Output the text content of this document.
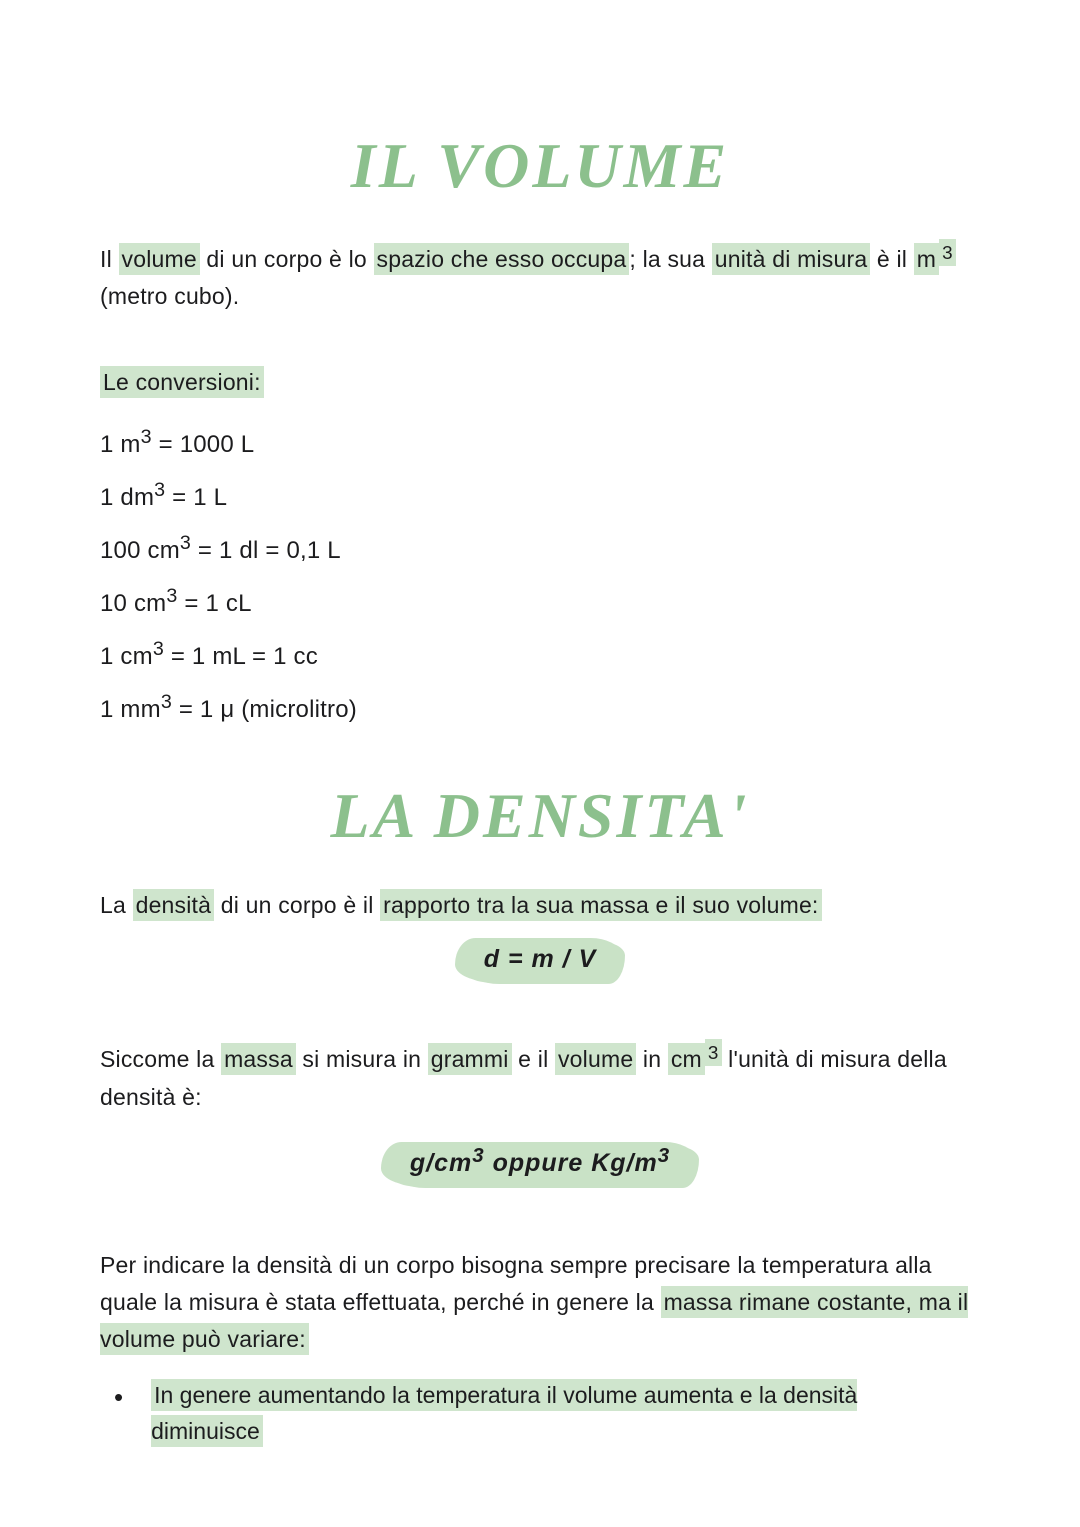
IL VOLUME

Il volume di un corpo è lo spazio che esso occupa ; la sua unità di misura è il m $^3$ (metro cubo).

Le conversioni:

1 $m^3 = 1000$ L

1 $dm^3 = 1$ L

100 $cm^3 = 1$ dl = 0,1 L

10 $cm^3 = 1$ cL

1 $cm^3 = 1$ mL = 1 cc

1 $mm^3 = 1$ μ (microlitro)

LA DENSITA'

La densità di un corpo è il rapporto tra la sua massa e il suo volume:

d = m / V

Siccome la massa si misura in grammi e il volume in cm $^3$ l'unità di misura della densità è:

$g/cm^3$ oppure $Kg/m^3$

Per indicare la densità di un corpo bisogna sempre precisare la temperatura alla quale la misura è stata effettuata, perché in genere la massa rimane costante, ma il volume può variare:

• In genere aumentando la temperatura il volume aumenta e la densità diminuisce
